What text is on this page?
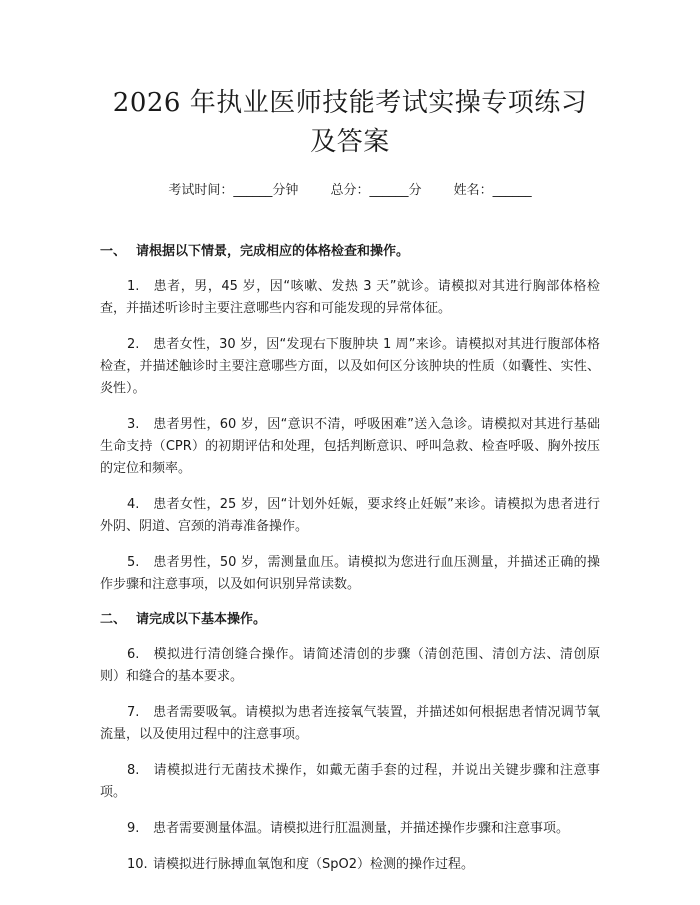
2026 年执业医师技能考试实操专项练习及答案
考试时间：______分钟 总分：______分 姓名：______

一、 请根据以下情景，完成相应的体格检查和操作。

1. 患者，男，45 岁，因“咳嗽、发热 3 天”就诊。请模拟对其进行胸部体格检查，并描述听诊时主要注意哪些内容和可能发现的异常体征。

2. 患者女性，30 岁，因“发现右下腹肿块 1 周”来诊。请模拟对其进行腹部体格检查，并描述触诊时主要注意哪些方面，以及如何区分该肿块的性质（如囊性、实性、炎性）。

3. 患者男性，60 岁，因“意识不清，呼吸困难”送入急诊。请模拟对其进行基础生命支持（CPR）的初期评估和处理，包括判断意识、呼叫急救、检查呼吸、胸外按压的定位和频率。

4. 患者女性，25 岁，因“计划外妊娠，要求终止妊娠”来诊。请模拟为患者进行外阴、阴道、宫颈的消毒准备操作。

5. 患者男性，50 岁，需测量血压。请模拟为您进行血压测量，并描述正确的操作步骤和注意事项，以及如何识别异常读数。

二、 请完成以下基本操作。

6. 模拟进行清创缝合操作。请简述清创的步骤（清创范围、清创方法、清创原则）和缝合的基本要求。

7. 患者需要吸氧。请模拟为患者连接氧气装置，并描述如何根据患者情况调节氧流量，以及使用过程中的注意事项。

8. 请模拟进行无菌技术操作，如戴无菌手套的过程，并说出关键步骤和注意事项。

9. 患者需要测量体温。请模拟进行肛温测量，并描述操作步骤和注意事项。

10. 请模拟进行脉搏血氧饱和度（SpO2）检测的操作过程。
